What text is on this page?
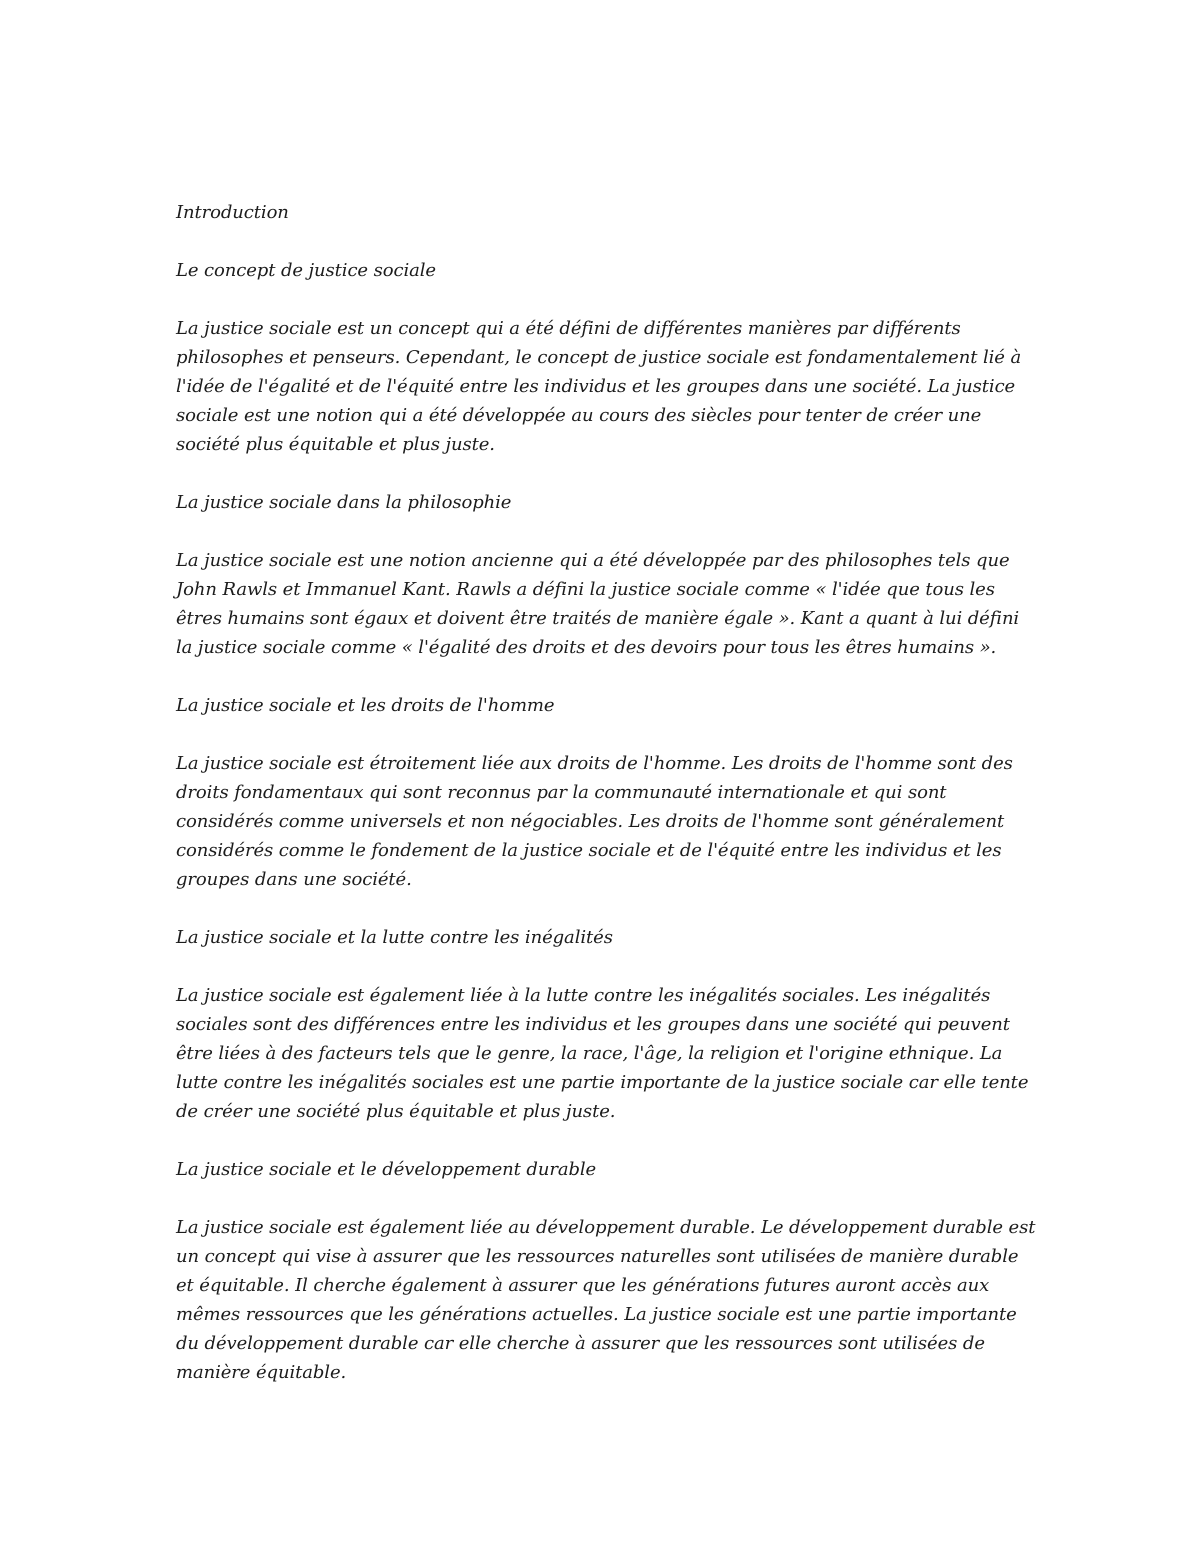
Introduction

Le concept de justice sociale

La justice sociale est un concept qui a été défini de différentes manières par différents philosophes et penseurs. Cependant, le concept de justice sociale est fondamentalement lié à l'idée de l'égalité et de l'équité entre les individus et les groupes dans une société. La justice sociale est une notion qui a été développée au cours des siècles pour tenter de créer une société plus équitable et plus juste.

La justice sociale dans la philosophie

La justice sociale est une notion ancienne qui a été développée par des philosophes tels que John Rawls et Immanuel Kant. Rawls a défini la justice sociale comme « l'idée que tous les êtres humains sont égaux et doivent être traités de manière égale ». Kant a quant à lui défini la justice sociale comme « l'égalité des droits et des devoirs pour tous les êtres humains ».

La justice sociale et les droits de l'homme

La justice sociale est étroitement liée aux droits de l'homme. Les droits de l'homme sont des droits fondamentaux qui sont reconnus par la communauté internationale et qui sont considérés comme universels et non négociables. Les droits de l'homme sont généralement considérés comme le fondement de la justice sociale et de l'équité entre les individus et les groupes dans une société.

La justice sociale et la lutte contre les inégalités

La justice sociale est également liée à la lutte contre les inégalités sociales. Les inégalités sociales sont des différences entre les individus et les groupes dans une société qui peuvent être liées à des facteurs tels que le genre, la race, l'âge, la religion et l'origine ethnique. La lutte contre les inégalités sociales est une partie importante de la justice sociale car elle tente de créer une société plus équitable et plus juste.

La justice sociale et le développement durable

La justice sociale est également liée au développement durable. Le développement durable est un concept qui vise à assurer que les ressources naturelles sont utilisées de manière durable et équitable. Il cherche également à assurer que les générations futures auront accès aux mêmes ressources que les générations actuelles. La justice sociale est une partie importante du développement durable car elle cherche à assurer que les ressources sont utilisées de manière équitable.
